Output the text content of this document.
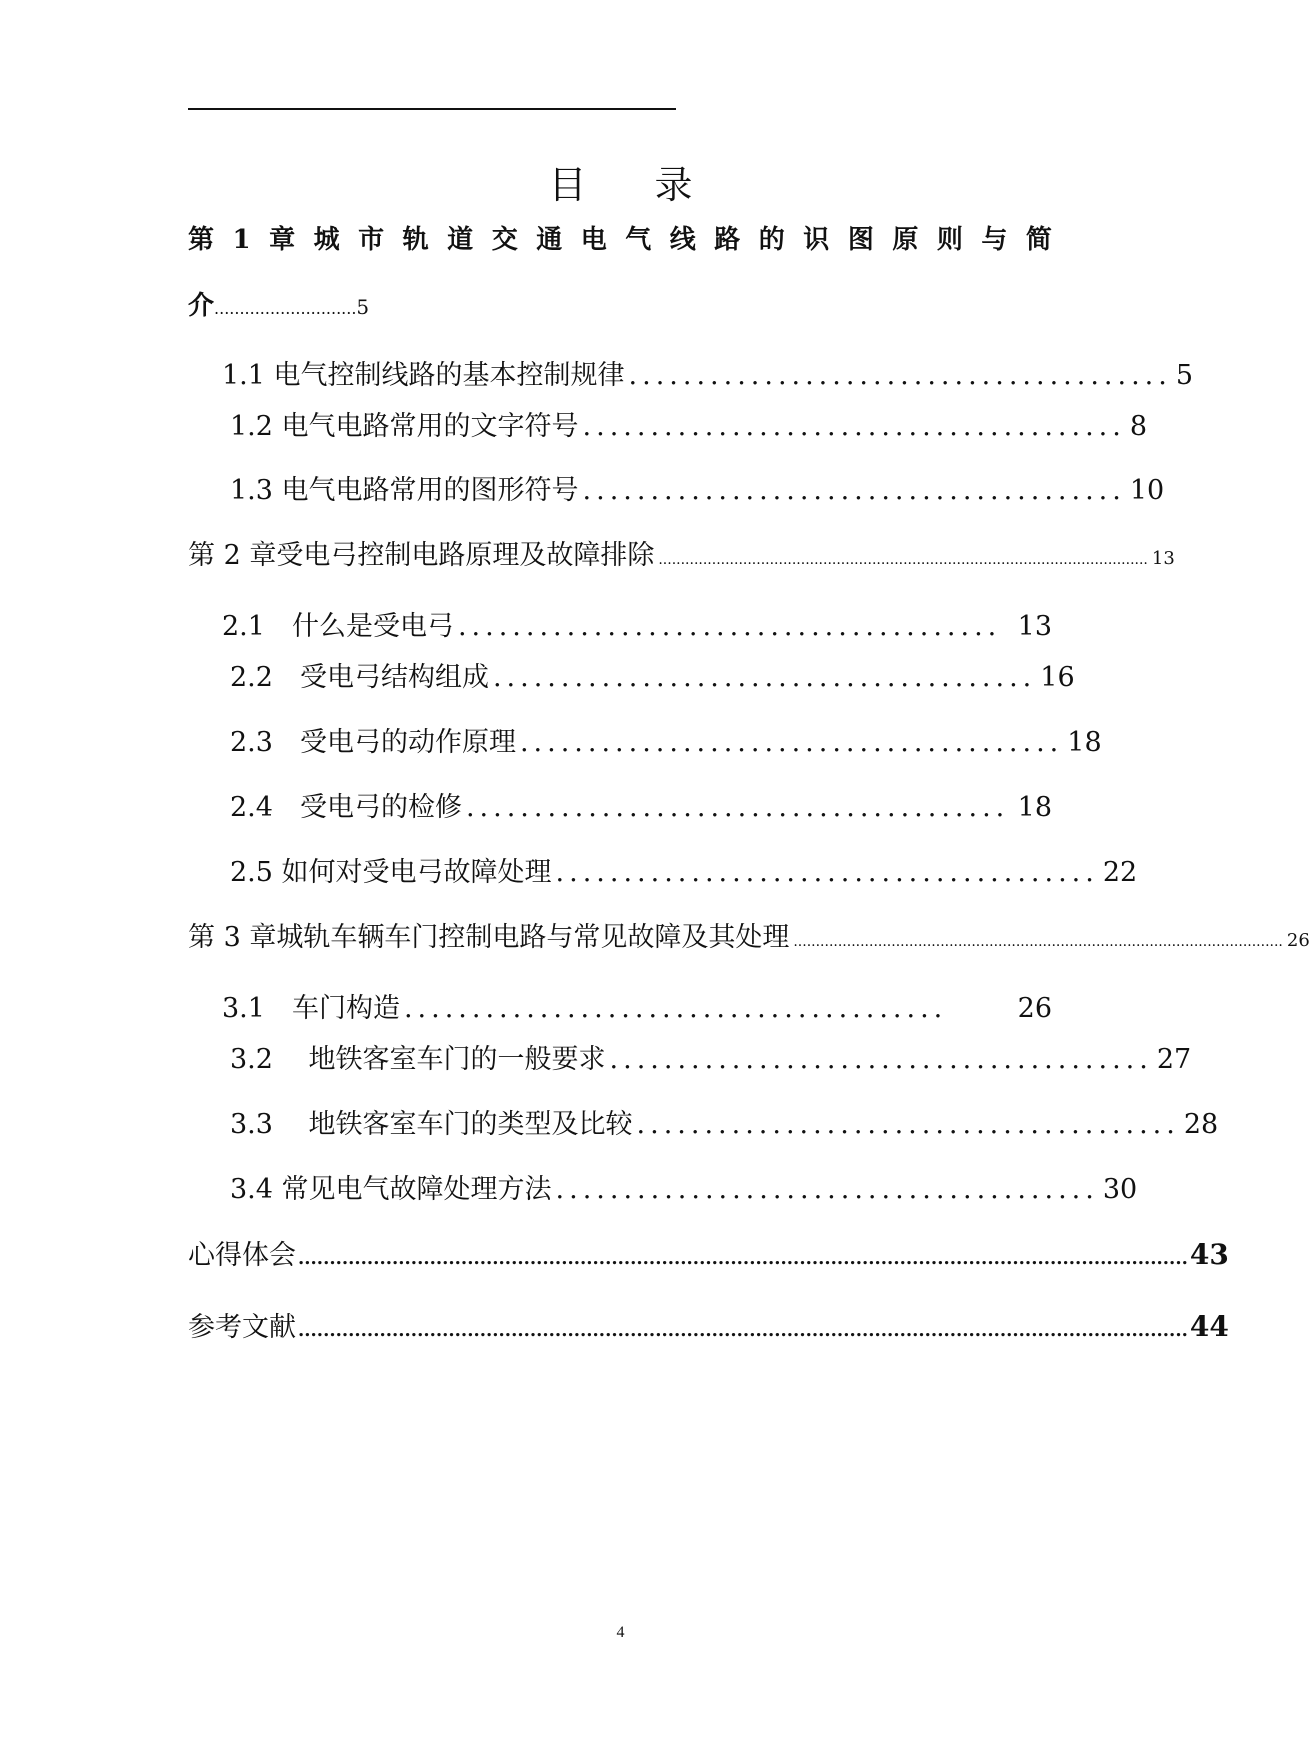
目 录
第 1 章 城 市 轨 道 交 通 电 气 线 路 的 识 图 原 则 与 简
介............................5
1.1 电气控制线路的基本控制规律 ........................................ 5
1.2 电气电路常用的文字符号 ........................................ 8
1.3 电气电路常用的图形符号 ........................................ 10
第 2 章 受电弓控制电路原理及故障排除 .............................................................................................................. 13
2.1　什么是受电弓 ........................................ 13
2.2　受电弓结构组成 ........................................ 16
2.3　受电弓的动作原理 ........................................ 18
2.4　受电弓的检修 ........................................ 18
2.5 如何对受电弓故障处理 ........................................ 22
第 3 章 城轨车辆车门控制电路与常见故障及其处理 .............................................................................................................. 26
3.1　车门构造 ........................................	26
3.2　 地铁客室车门的一般要求 ........................................ 27
3.3　 地铁客室车门的类型及比较 ........................................ 28
3.4 常见电气故障处理方法 ........................................ 30
心得体会 .............................................................................................................................................. 43
参考文献 .............................................................................................................................................. 44
4
